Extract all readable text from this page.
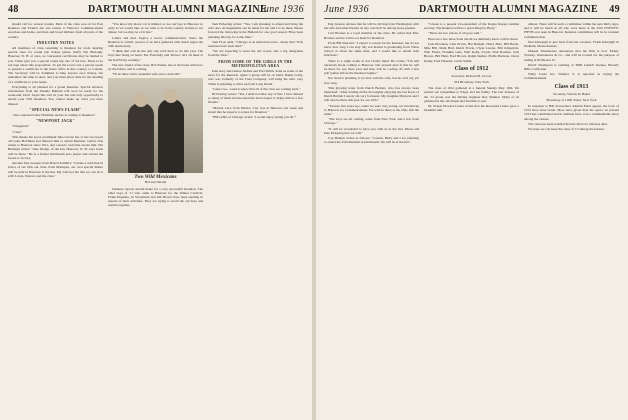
48	DARTMOUTH ALUMNI MAGAZINE
June 1936

should call for several rounds. Most of the class was on for Post Reunion and Frank's the one retreat to Hanover Commencement exercises and home, and then and broad nibblers from all parts of the country.

INDUSTRY NOTES

All members of class returning to Reunion for trade desiring special rates for round trip tickets please notify Nat Burleigh, Hanover, N. H. at once, as concession certificates may be mailed to you. These give you a special round trip rate of 5/4 fare. There is no red tape about this proposition. To get the lower rate a person needs to present a certificate to the ticket office in this country or Canada. The Secretary will be delighted to help anyone save money, but remember the time is short, and you must allow time for the mailing of a certificate to your home.

Everything is all planned for a grand Reunion. Special advance information from the Weekly Bulletin will soon be ready for the week-end. Don't forget this will be your last and only opportunity to attend your 25th Reunion. You cannot make up what you have missed.

"SPECIAL NEWS FLASH"

"Just contacted Gabe Holdman and he is coming to Reunion."

"NEWPORT JACK"

"Nangatuck"

"Class"

This means the good, prominent Jake Lavoie has at last recovered old Gabe Holdman and induced him to attend Reunion. Gabe's first return to Hanover since 1911, and a hearty welcome awaits him. Nat Burleigh writes: "Jake Dodge, of the Inn, Hanover, N. H. says Gabe will be there." He is a former Dartmouth polo player and carried the Green to victory.

Another fine sweeper from Boxed Tomlin's: "I made a wish that in honor of our 25th our class, from Mattapan, our own special dinner will be held in Hanover at the Inn. My wife bet me that we can do it with Lewis, Warren, and the class."

"You know my motor car is limited, so we can't get to Hanover so early as we would like, as we wish to be in the country in time to eat dinner, but we may be a bit late."

Ladies and men forgive a hectic communication. Since the Reunion is a thrill, several of us have gathered with much regret the 25th anniversary.

"I think that will be the only trip we'll have to do this year. The boys like being on hand. The Fraternity and Thayer: let's all meet at the Inn Friday evening."

The new friend of the class, Bob Parker, has at last been written to by the Editor, and is coming.

"I'll be there with a beautiful wife and a clean bill."

Two Wild Mexicans
Hal and Natalie

business reports should make for a very successful Reunion. The other boys of '11 who came to Hanover for the Winter Carnival, Frank Hopkins, Al Sweetland and Jim Brown have been sending in reports of their activities. They are trying to recall the old days and reunite together.

Sam Pickering writes: "Yes, I am planning to attend and bring the wife also. Arrangements can be made for her and I to be there. Please forward the following in the Bulletin for one good reason: Have been planning this trip for some time."

Sam Frost adds: "Chicago is an American town—many New York reunions have been held."

"We are expecting to have the old crowd, also a big delegation from the West."

FROM SOME OF THE GIRLS IN THE METROPOLITAN AREA

Paul Arey and Ossian Jardine and Earl Smith. Send us some of the news for the Reunion. Quite a group will be on hand. Ralph Colby, who was formerly of the Trust Company, will bring his wife. Guy Tullar is planning to drive up from Long Island.

"Gene Coe—Glad to know that all of the class are coming back."

Hi Fearing writes: "Yes, I shall not miss any of this. I have missed so many of them and the usual fun and I expect to bring with us a few friends."

"Marion Luce from Mexico City was in Hanover last week and stated that he expects to return for Reunion."

"Bill Gibbs of Chicago writes: 'I would enjoy seeing you all.'"

June 1936	DARTMOUTH ALUMNI MAGAZINE 49

Pug Jackson advises that he will be driving from Washington with his wife and other friends. In any case he'll be among those present.

Carl Bowker is a loyal member of the class. He writes that Mrs. Bowker and he will be on hand for Reunion.

From Bill Sherwin: "I expect to return for the Reunion, but do not know how long I can stay. My son Robert is graduating from Tilton School at about the same time, and I would like to attend both functions."

There is a slight doubt in Art Clark's mind. He writes: "I'm still uncertain about coming to Hanover. Our present plan is that he will be there for one more year and they will be cooling off with a few golf games before the Reunion begins."

Not Judd is planning to be here with his wife, but he can't say yet how long.

This glowing letter from Dutch Bartlett, who has always been interested: "After trailing all the thoroughly enjoying the last hours of Dutch Bartlett I surely am very fortunate. My daughter Marjorie and I will also be there this year for our 25th."

"Twenty-five years ago, when we were very young, we traveled up to Hanover for Commencement. We will be there at the 25th, still the same."

"The boys are all coming, some from New York, and a few from Chicago."

"It will be wonderful to have you with us at the Inn. Please tell Pete Pickering that we will."

Cap Hedges writes as follows: "Coleen, Betty and I are planning to attend the 25th Reunion at Dartmouth. We will be at the Inn."

"Coleen is a present vice-president of the Kappa Kappa Gamma sorority. The Reunion will be a great thing for Betty."

"There are two places, if all goes well."

Here are a few more from whom we definitely know will be there:

Jack Bowman, Chet Erwin, Hal Haskell, Harry Hart, Bill Hatch, Mile Hill, Mahl Hall, Dutch Fowle, Clyde Lawler, Phil Kilpatrick, Walt Florin, Franklin Gale, Walt Kelly, Zwick, Walt Roemer, Jack Brown, Bill Ham, Fred Brown, Ralph Dasher, Hollis Buckton, Oscar Kemp, Fred Wheeler, Curtis Smith.

Class of 1912
Secretary, Richard M. Grover
354 Broadway, New York

The class of 1912 gathered at a funeral Sunday May 10th. We extend our sympathies to Edgar and his family. The last Jackson of the '12 group was the mining engineer Ray Skinner. Many of us gathered in the old chapel and laid him to rest.

Dr. Ernest Howard Lisner writes that the Reverend Lisner gave a beautiful talk.

utmost. There will be such a committee within the next thirty days, and it will be much as all who were there at the 25th TWENTY-FIFTH ever seen in Hanover. Reunion committees will be in constant communication.

Ned Pettengill is just back from his vacation. Frank Pettengill in Dedham, Massachusetts.

Manuel Weissnerers announces that his firm is now Eisner, Yawney, Weissnerers & Co., and will be located for the purpose of sailing at 82 Beaver St.

David Thompson is residing at 3848 Lindell Avenue, Beverly Hills, California.

Wally Jones' Inc. Wallace T. is reported as saying the Commencement.

Class of 1913
Secretary, Warren D. Baker
Broadway at 110th Street, New York

In response to Bill Rowsome's Alumni Fund appeal, the boys of 1913 have done better. More have given than the quota. At present 1913 has contributed and in addition have won a commendable place among the classes.

The class has been notified that the Doctor's wife has died.

We hope we can keep the class of '13 among the leaders.
